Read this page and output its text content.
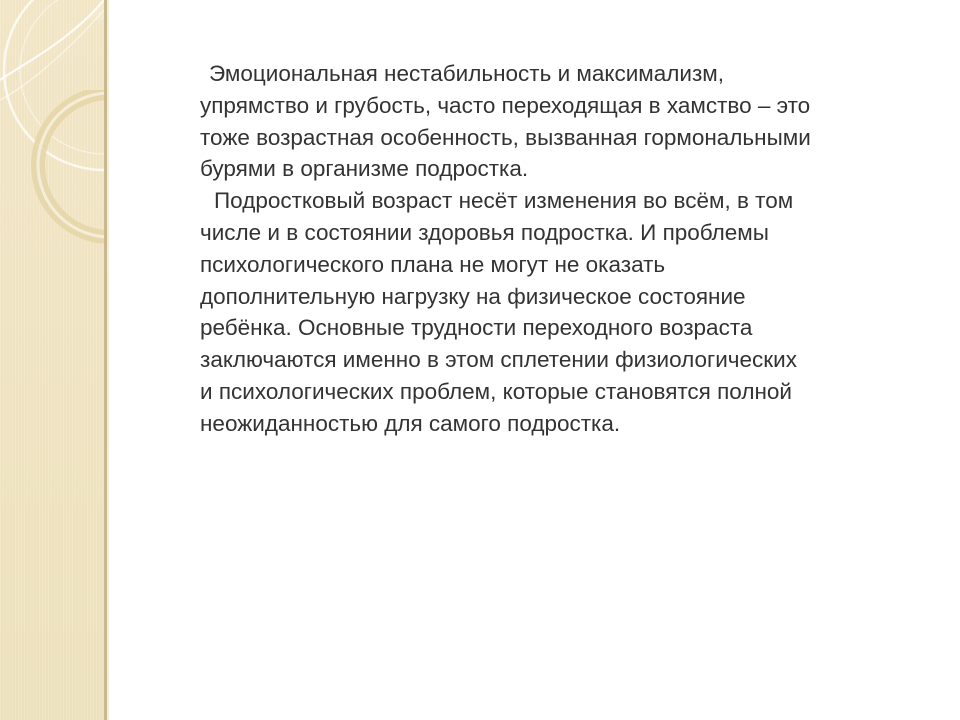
Эмоциональная нестабильность и максимализм,

упрямство и грубость, часто переходящая в хамство – это

тоже возрастная особенность, вызванная гормональными

бурями в организме подростка.

Подростковый возраст несёт изменения во всём, в том

числе и в состоянии здоровья подростка. И проблемы

психологического плана не могут не оказать

дополнительную нагрузку на физическое состояние

ребёнка. Основные трудности переходного возраста

заключаются именно в этом сплетении физиологических

и психологических проблем, которые становятся полной

неожиданностью для самого подростка.
